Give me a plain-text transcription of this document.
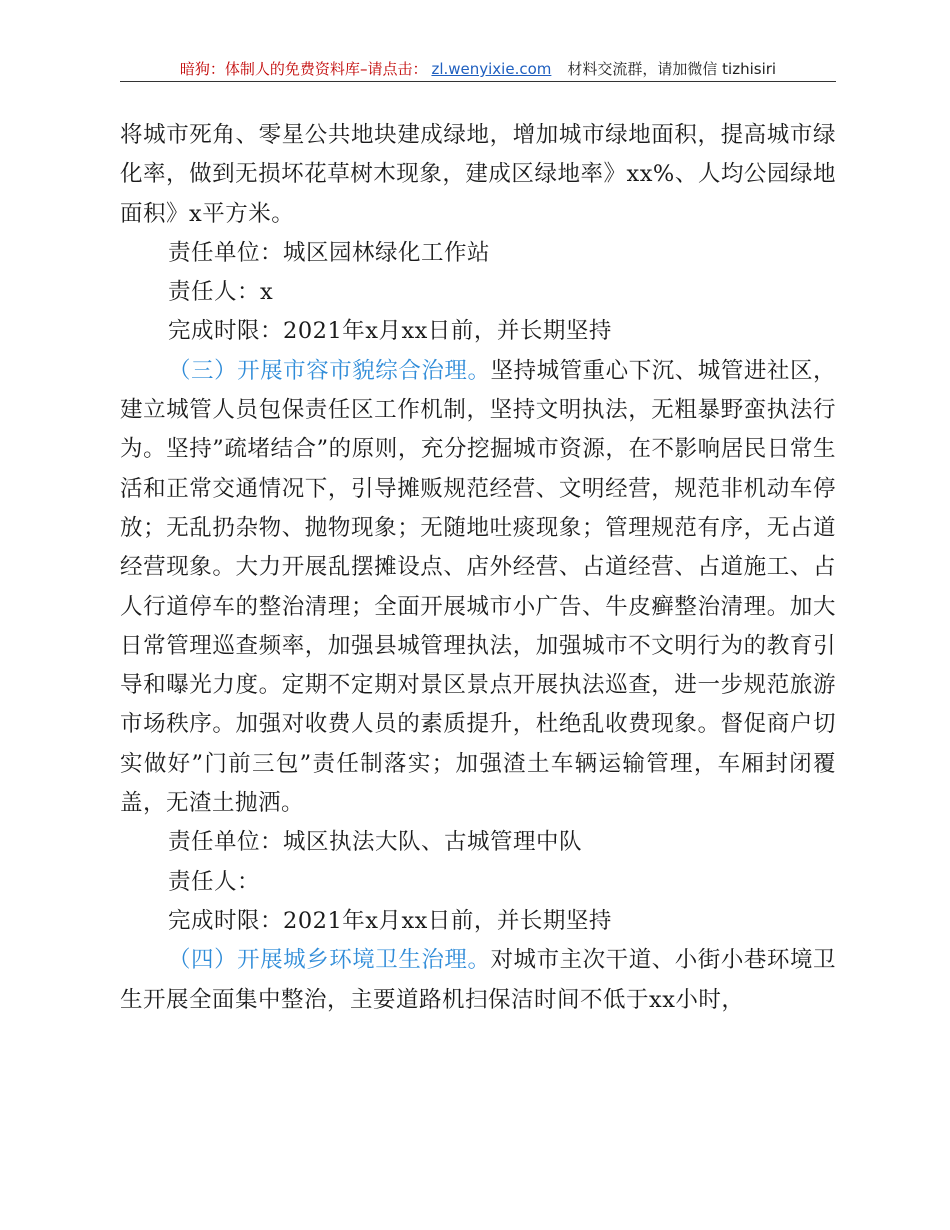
暗狗：体制人的免费资料库–请点击： zl.wenyixie.com 材料交流群，请加微信 tizhisiri

将城市死角、零星公共地块建成绿地，增加城市绿地面积，提高城市绿化率，做到无损坏花草树木现象，建成区绿地率》xx%、人均公园绿地面积》x平方米。

责任单位：城区园林绿化工作站

责任人：x

完成时限：2021年x月xx日前，并长期坚持

（三）开展市容市貌综合治理。坚持城管重心下沉、城管进社区，建立城管人员包保责任区工作机制，坚持文明执法，无粗暴野蛮执法行为。坚持”疏堵结合”的原则，充分挖掘城市资源，在不影响居民日常生活和正常交通情况下，引导摊贩规范经营、文明经营，规范非机动车停放；无乱扔杂物、抛物现象；无随地吐痰现象；管理规范有序，无占道经营现象。大力开展乱摆摊设点、店外经营、占道经营、占道施工、占人行道停车的整治清理；全面开展城市小广告、牛皮癣整治清理。加大日常管理巡查频率，加强县城管理执法，加强城市不文明行为的教育引导和曝光力度。定期不定期对景区景点开展执法巡查，进一步规范旅游市场秩序。加强对收费人员的素质提升，杜绝乱收费现象。督促商户切实做好”门前三包”责任制落实；加强渣土车辆运输管理，车厢封闭覆盖，无渣土抛洒。

责任单位：城区执法大队、古城管理中队

责任人：

完成时限：2021年x月xx日前，并长期坚持

（四）开展城乡环境卫生治理。对城市主次干道、小街小巷环境卫生开展全面集中整治，主要道路机扫保洁时间不低于xx小时，
